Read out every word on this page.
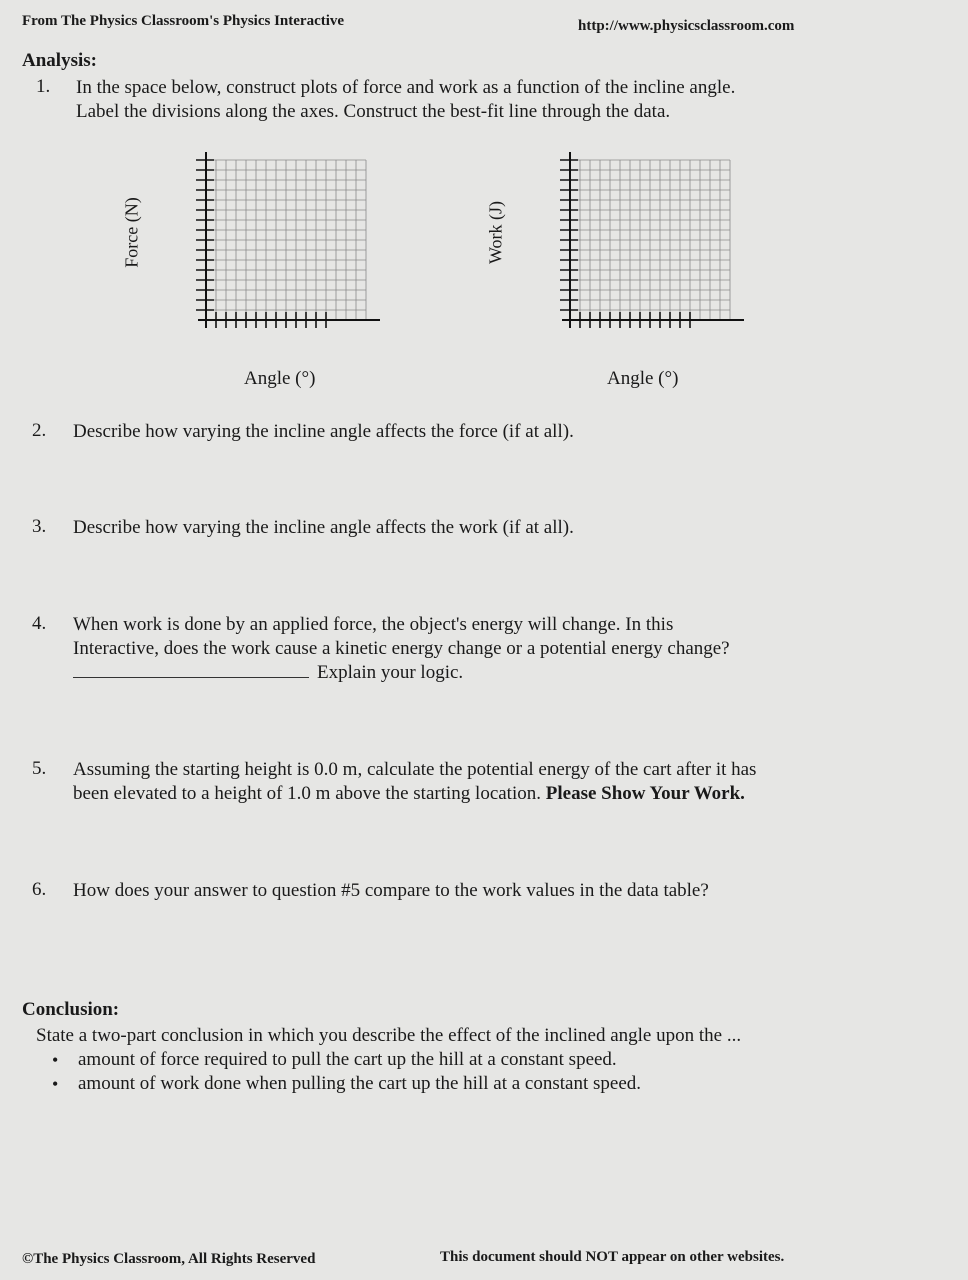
From The Physics Classroom's Physics Interactive	http://www.physicsclassroom.com
Analysis:
1. In the space below, construct plots of force and work as a function of the incline angle.
Label the divisions along the axes. Construct the best-fit line through the data.
Force (N)
Angle (°)
Work (J)
Angle (°)
2. Describe how varying the incline angle affects the force (if at all).
3. Describe how varying the incline angle affects the work (if at all).
4. When work is done by an applied force, the object's energy will change. In this
Interactive, does the work cause a kinetic energy change or a potential energy change?
Explain your logic.
5. Assuming the starting height is 0.0 m, calculate the potential energy of the cart after it has
been elevated to a height of 1.0 m above the starting location. Please Show Your Work.
6. How does your answer to question #5 compare to the work values in the data table?
Conclusion:
State a two-part conclusion in which you describe the effect of the inclined angle upon the ...
• amount of force required to pull the cart up the hill at a constant speed.
• amount of work done when pulling the cart up the hill at a constant speed.
©The Physics Classroom, All Rights Reserved	This document should NOT appear on other websites.
